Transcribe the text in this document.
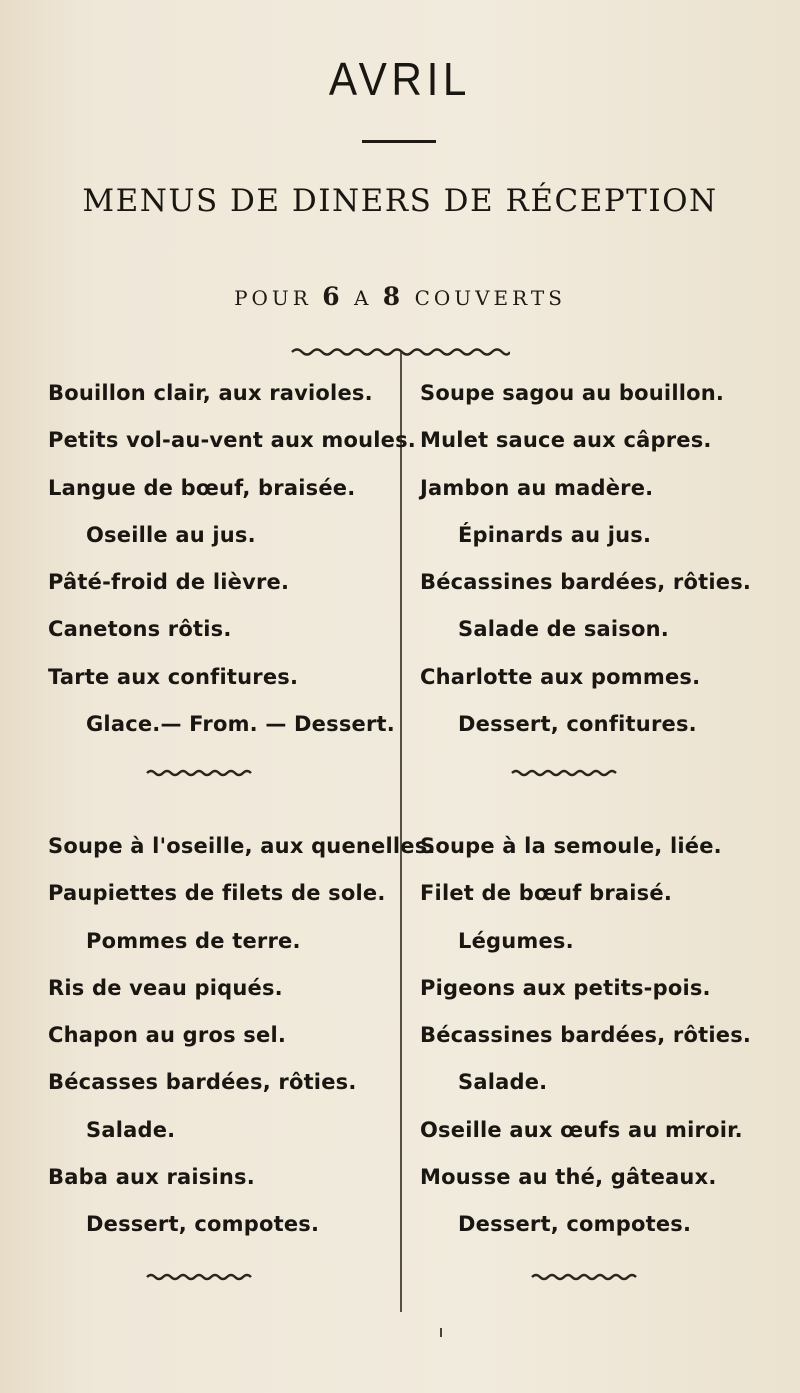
AVRIL
MENUS DE DINERS DE RÉCEPTION
POUR 6 A 8 COUVERTS
Bouillon clair, aux ravioles.
Petits vol-au-vent aux moules.
Langue de bœuf, braisée.
Oseille au jus.
Pâté-froid de lièvre.
Canetons rôtis.
Tarte aux confitures.
Glace.— From. — Dessert.
Soupe sagou au bouillon.
Mulet sauce aux câpres.
Jambon au madère.
Épinards au jus.
Bécassines bardées, rôties.
Salade de saison.
Charlotte aux pommes.
Dessert, confitures.
Soupe à l'oseille, aux quenelles.
Paupiettes de filets de sole.
Pommes de terre.
Ris de veau piqués.
Chapon au gros sel.
Bécasses bardées, rôties.
Salade.
Baba aux raisins.
Dessert, compotes.
Soupe à la semoule, liée.
Filet de bœuf braisé.
Légumes.
Pigeons aux petits-pois.
Bécassines bardées, rôties.
Salade.
Oseille aux œufs au miroir.
Mousse au thé, gâteaux.
Dessert, compotes.
